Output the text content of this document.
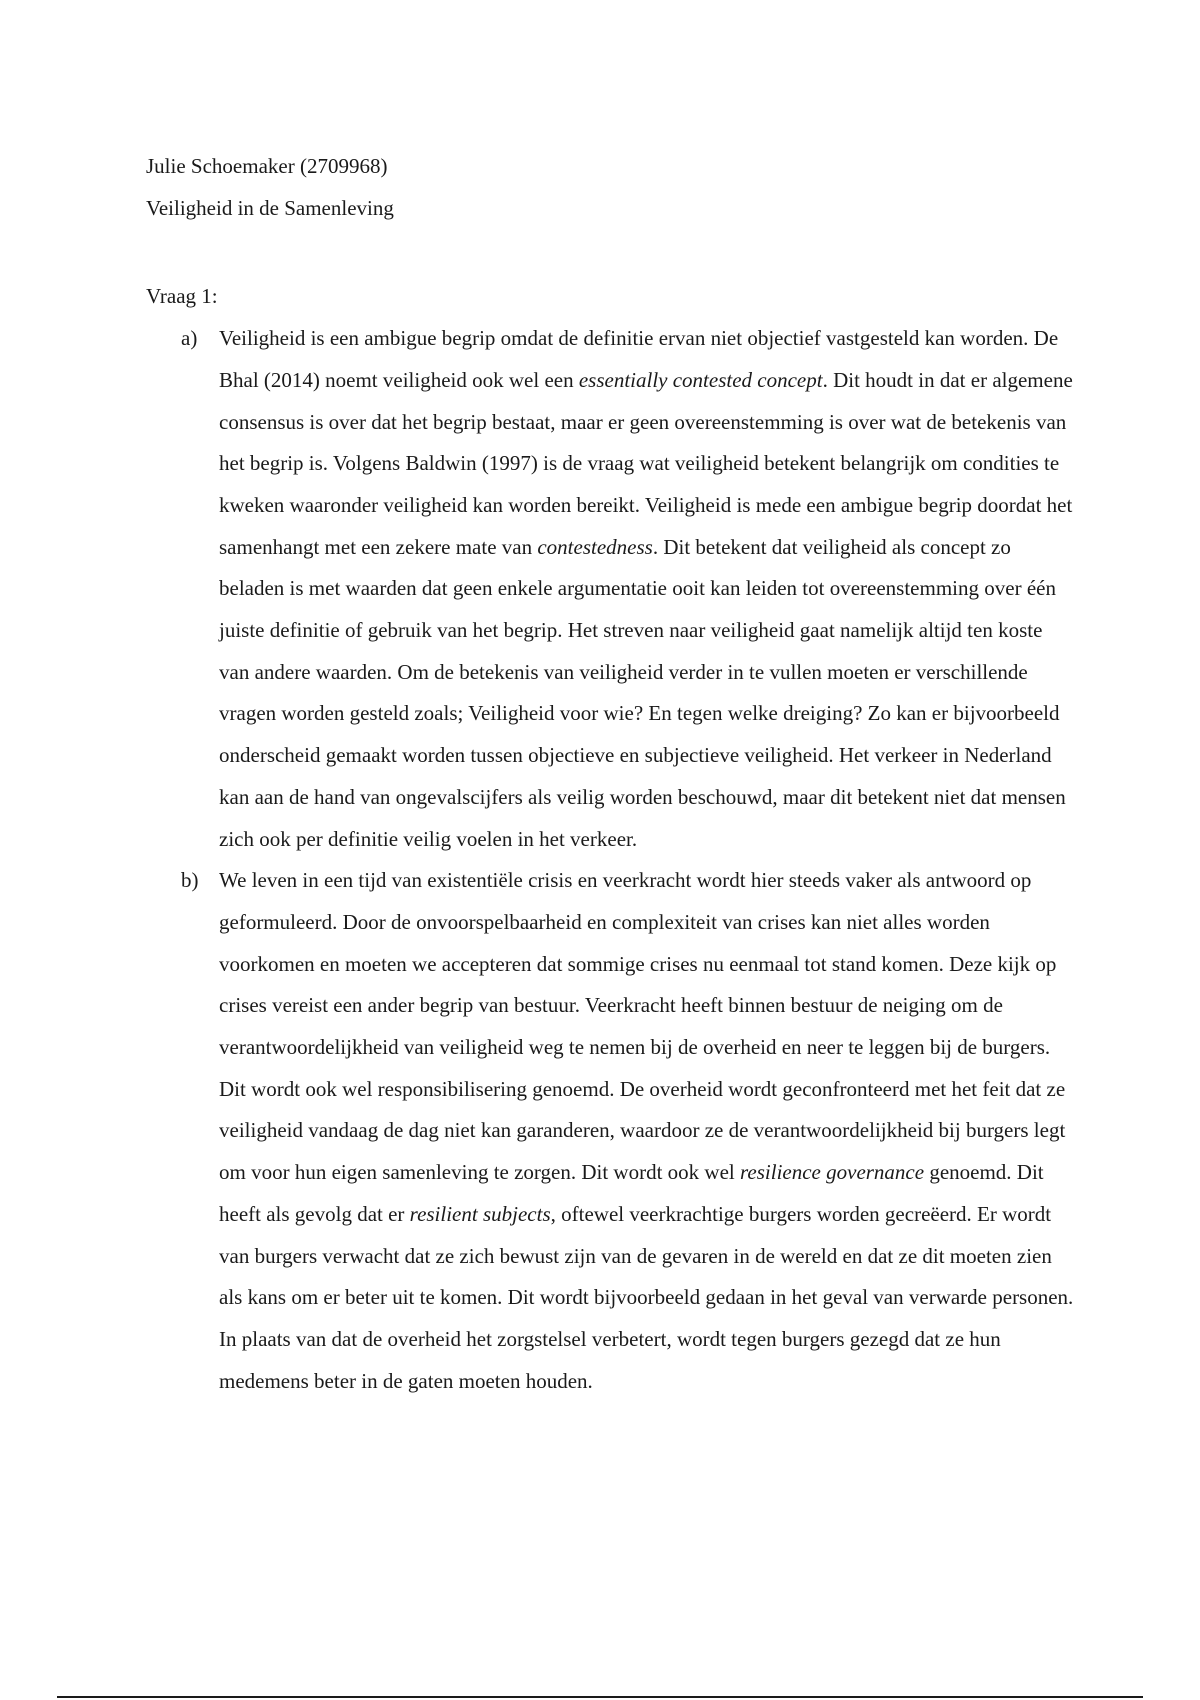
Julie Schoemaker (2709968)

Veiligheid in de Samenleving

Vraag 1:

a) Veiligheid is een ambigue begrip omdat de definitie ervan niet objectief vastgesteld kan worden. De Bhal (2014) noemt veiligheid ook wel een essentially contested concept. Dit houdt in dat er algemene consensus is over dat het begrip bestaat, maar er geen overeenstemming is over wat de betekenis van het begrip is. Volgens Baldwin (1997) is de vraag wat veiligheid betekent belangrijk om condities te kweken waaronder veiligheid kan worden bereikt. Veiligheid is mede een ambigue begrip doordat het samenhangt met een zekere mate van contestedness. Dit betekent dat veiligheid als concept zo beladen is met waarden dat geen enkele argumentatie ooit kan leiden tot overeenstemming over één juiste definitie of gebruik van het begrip. Het streven naar veiligheid gaat namelijk altijd ten koste van andere waarden. Om de betekenis van veiligheid verder in te vullen moeten er verschillende vragen worden gesteld zoals; Veiligheid voor wie? En tegen welke dreiging? Zo kan er bijvoorbeeld onderscheid gemaakt worden tussen objectieve en subjectieve veiligheid. Het verkeer in Nederland kan aan de hand van ongevalscijfers als veilig worden beschouwd, maar dit betekent niet dat mensen zich ook per definitie veilig voelen in het verkeer.

b) We leven in een tijd van existentiële crisis en veerkracht wordt hier steeds vaker als antwoord op geformuleerd. Door de onvoorspelbaarheid en complexiteit van crises kan niet alles worden voorkomen en moeten we accepteren dat sommige crises nu eenmaal tot stand komen. Deze kijk op crises vereist een ander begrip van bestuur. Veerkracht heeft binnen bestuur de neiging om de verantwoordelijkheid van veiligheid weg te nemen bij de overheid en neer te leggen bij de burgers. Dit wordt ook wel responsibilisering genoemd. De overheid wordt geconfronteerd met het feit dat ze veiligheid vandaag de dag niet kan garanderen, waardoor ze de verantwoordelijkheid bij burgers legt om voor hun eigen samenleving te zorgen. Dit wordt ook wel resilience governance genoemd. Dit heeft als gevolg dat er resilient subjects, oftewel veerkrachtige burgers worden gecreëerd. Er wordt van burgers verwacht dat ze zich bewust zijn van de gevaren in de wereld en dat ze dit moeten zien als kans om er beter uit te komen. Dit wordt bijvoorbeeld gedaan in het geval van verwarde personen. In plaats van dat de overheid het zorgstelsel verbetert, wordt tegen burgers gezegd dat ze hun medemens beter in de gaten moeten houden.
